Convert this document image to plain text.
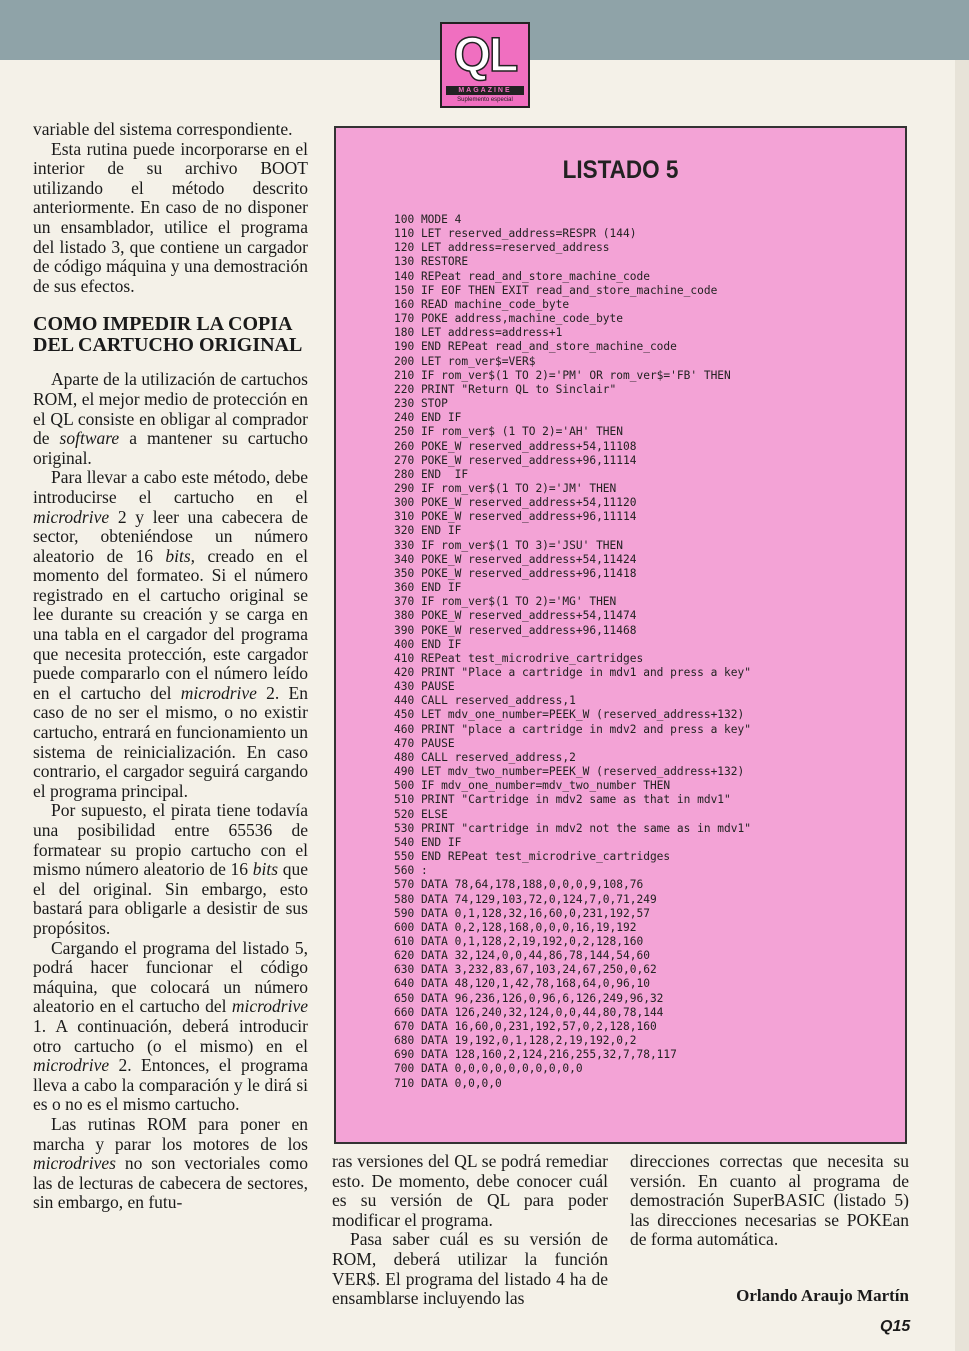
QL
MAGAZINE
Suplemento especial

variable del sistema correspondiente.

Esta rutina puede incorporarse en el interior de su archivo BOOT utilizando el método descrito anteriormente. En caso de no disponer un ensamblador, utilice el programa del listado 3, que contiene un cargador de código máquina y una demostración de sus efectos.

COMO IMPEDIR LA COPIA DEL CARTUCHO ORIGINAL

Aparte de la utilización de cartuchos ROM, el mejor medio de protección en el QL consiste en obligar al comprador de software a mantener su cartucho original.

Para llevar a cabo este método, debe introducirse el cartucho en el microdrive 2 y leer una cabecera de sector, obteniéndose un número aleatorio de 16 bits, creado en el momento del formateo. Si el número registrado en el cartucho original se lee durante su creación y se carga en una tabla en el cargador del programa que necesita protección, este cargador puede compararlo con el número leído en el cartucho del microdrive 2. En caso de no ser el mismo, o no existir cartucho, entrará en funcionamiento un sistema de reinicialización. En caso contrario, el cargador seguirá cargando el programa principal.

Por supuesto, el pirata tiene todavía una posibilidad entre 65536 de formatear su propio cartucho con el mismo número aleatorio de 16 bits que el del original. Sin embargo, esto bastará para obligarle a desistir de sus propósitos.

Cargando el programa del listado 5, podrá hacer funcionar el código máquina, que colocará un número aleatorio en el cartucho del microdrive 1. A continuación, deberá introducir otro cartucho (o el mismo) en el microdrive 2. Entonces, el programa lleva a cabo la comparación y le dirá si es o no es el mismo cartucho.

Las rutinas ROM para poner en marcha y parar los motores de los microdrives no son vectoriales como las de lecturas de cabecera de sectores, sin embargo, en futu-

LISTADO 5
100 MODE 4
110 LET reserved_address=RESPR (144)
120 LET address=reserved_address
130 RESTORE
140 REPeat read_and_store_machine_code
150 IF EOF THEN EXIT read_and_store_machine_code
160 READ machine_code_byte
170 POKE address,machine_code_byte
180 LET address=address+1
190 END REPeat read_and_store_machine_code
200 LET rom_ver$=VER$
210 IF rom_ver$(1 TO 2)='PM' OR rom_ver$='FB' THEN
220 PRINT "Return QL to Sinclair"
230 STOP
240 END IF
250 IF rom_ver$ (1 TO 2)='AH' THEN
260 POKE_W reserved_address+54,11108
270 POKE_W reserved_address+96,11114
280 END  IF
290 IF rom_ver$(1 TO 2)='JM' THEN
300 POKE_W reserved_address+54,11120
310 POKE_W reserved_address+96,11114
320 END IF
330 IF rom_ver$(1 TO 3)='JSU' THEN
340 POKE_W reserved_address+54,11424
350 POKE_W reserved_address+96,11418
360 END IF
370 IF rom_ver$(1 TO 2)='MG' THEN
380 POKE_W reserved_address+54,11474
390 POKE_W reserved_address+96,11468
400 END IF
410 REPeat test_microdrive_cartridges
420 PRINT "Place a cartridge in mdv1 and press a key"
430 PAUSE
440 CALL reserved_address,1
450 LET mdv_one_number=PEEK_W (reserved_address+132)
460 PRINT "place a cartridge in mdv2 and press a key"
470 PAUSE
480 CALL reserved_address,2
490 LET mdv_two_number=PEEK_W (reserved_address+132)
500 IF mdv_one_number=mdv_two_number THEN
510 PRINT "Cartridge in mdv2 same as that in mdv1"
520 ELSE
530 PRINT "cartridge in mdv2 not the same as in mdv1"
540 END IF
550 END REPeat test_microdrive_cartridges
560 :
570 DATA 78,64,178,188,0,0,0,9,108,76
580 DATA 74,129,103,72,0,124,7,0,71,249
590 DATA 0,1,128,32,16,60,0,231,192,57
600 DATA 0,2,128,168,0,0,0,16,19,192
610 DATA 0,1,128,2,19,192,0,2,128,160
620 DATA 32,124,0,0,44,86,78,144,54,60
630 DATA 3,232,83,67,103,24,67,250,0,62
640 DATA 48,120,1,42,78,168,64,0,96,10
650 DATA 96,236,126,0,96,6,126,249,96,32
660 DATA 126,240,32,124,0,0,44,80,78,144
670 DATA 16,60,0,231,192,57,0,2,128,160
680 DATA 19,192,0,1,128,2,19,192,0,2
690 DATA 128,160,2,124,216,255,32,7,78,117
700 DATA 0,0,0,0,0,0,0,0,0,0
710 DATA 0,0,0,0

ras versiones del QL se podrá remediar esto. De momento, debe conocer cuál es su versión de QL para poder modificar el programa.

Pasa saber cuál es su versión de ROM, deberá utilizar la función VER$. El programa del listado 4 ha de ensamblarse incluyendo las

direcciones correctas que necesita su versión. En cuanto al programa de demostración SuperBASIC (listado 5) las direcciones necesarias se POKEan de forma automática.

Orlando Araujo Martín
Q15
